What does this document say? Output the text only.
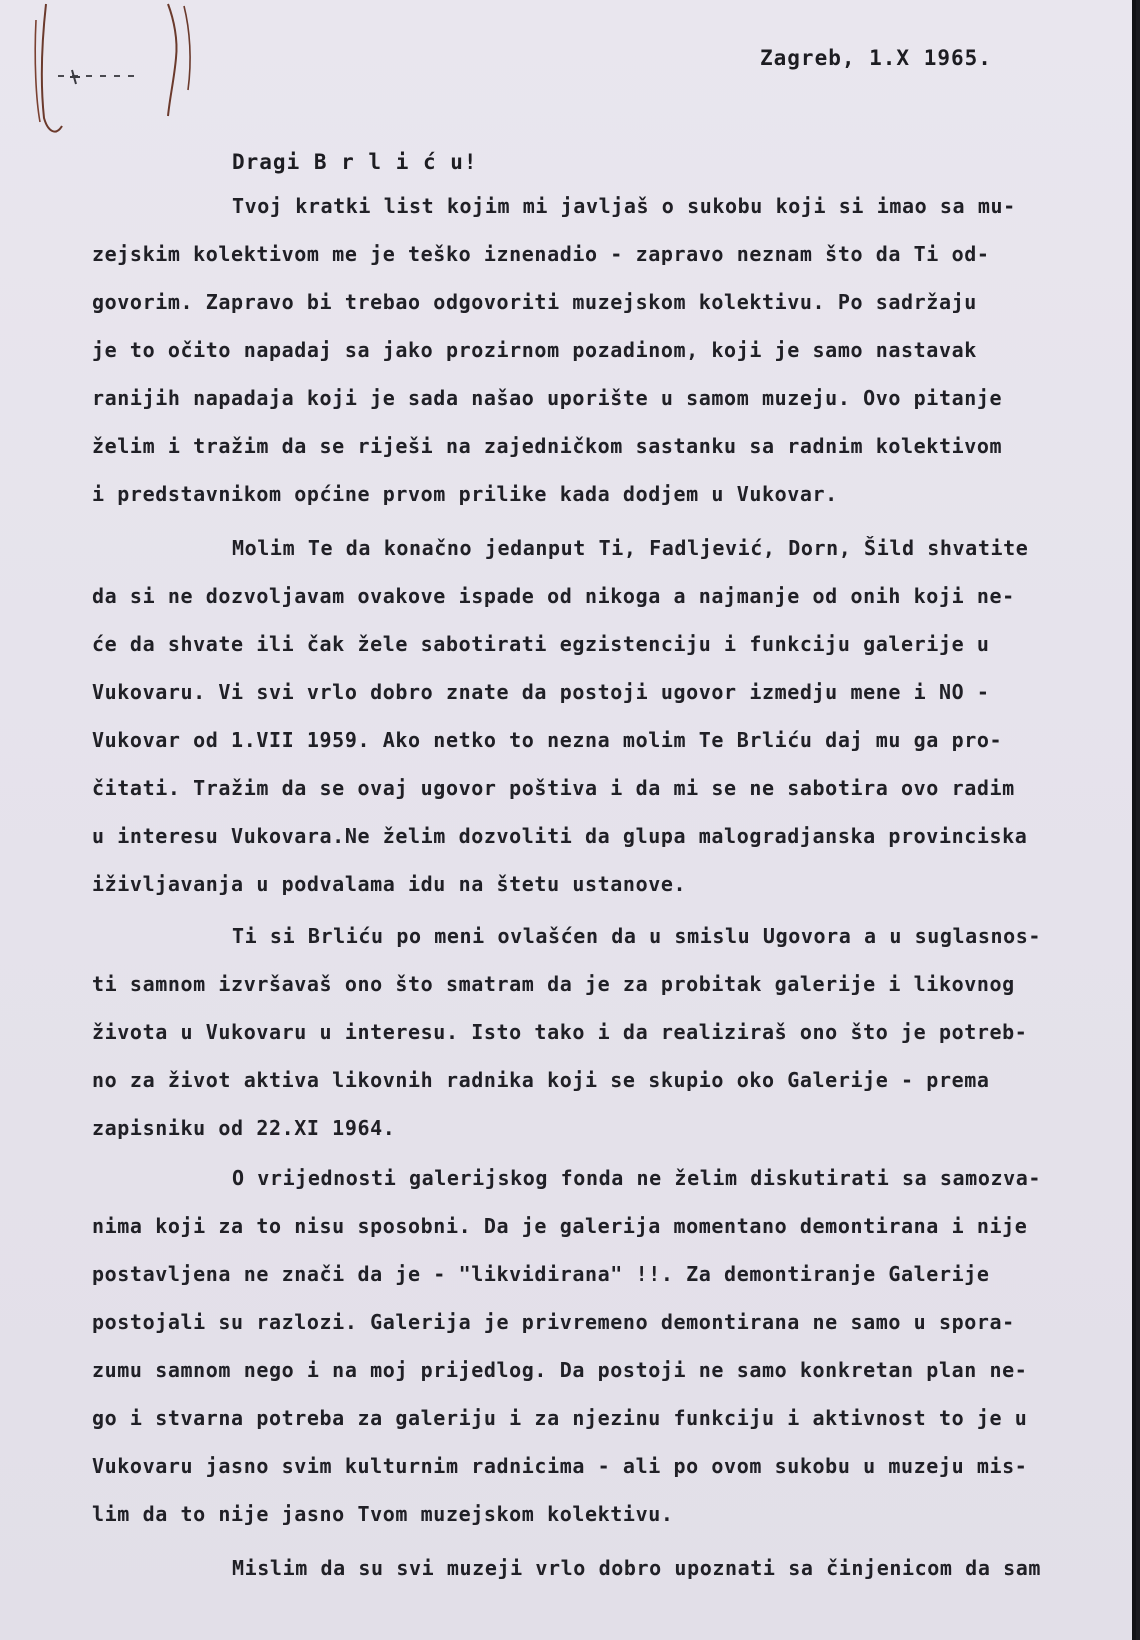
Zagreb, 1.X 1965.
Dragi B r l i ć u!
Tvoj kratki list kojim mi javljaš o sukobu koji si imao sa mu-
zejskim kolektivom me je teško iznenadio - zapravo neznam što da Ti od-
govorim. Zapravo bi trebao odgovoriti muzejskom kolektivu. Po sadržaju
je to očito napadaj sa jako prozirnom pozadinom, koji je samo nastavak
ranijih napadaja koji je sada našao uporište u samom muzeju. Ovo pitanje
želim i tražim da se riješi na zajedničkom sastanku sa radnim kolektivom
i predstavnikom općine prvom prilike kada dodjem u Vukovar.
Molim Te da konačno jedanput Ti, Fadljević, Dorn, Šild shvatite
da si ne dozvoljavam ovakove ispade od nikoga a najmanje od onih koji ne-
će da shvate ili čak žele sabotirati egzistenciju i funkciju galerije u
Vukovaru. Vi svi vrlo dobro znate da postoji ugovor izmedju mene i NO -
Vukovar od 1.VII 1959. Ako netko to nezna molim Te Brliću daj mu ga pro-
čitati. Tražim da se ovaj ugovor poštiva i da mi se ne sabotira ovo radim
u interesu Vukovara.Ne želim dozvoliti da glupa malogradjanska provinciska
iživljavanja u podvalama idu na štetu ustanove.
Ti si Brliću po meni ovlašćen da u smislu Ugovora a u suglasnos-
ti samnom izvršavaš ono što smatram da je za probitak galerije i likovnog
života u Vukovaru u interesu. Isto tako i da realiziraš ono što je potreb-
no za život aktiva likovnih radnika koji se skupio oko Galerije - prema
zapisniku od 22.XI 1964.
O vrijednosti galerijskog fonda ne želim diskutirati sa samozva-
nima koji za to nisu sposobni. Da je galerija momentano demontirana i nije
postavljena ne znači da je - "likvidirana" !!. Za demontiranje Galerije
postojali su razlozi. Galerija je privremeno demontirana ne samo u spora-
zumu samnom nego i na moj prijedlog. Da postoji ne samo konkretan plan ne-
go i stvarna potreba za galeriju i za njezinu funkciju i aktivnost to je u
Vukovaru jasno svim kulturnim radnicima - ali po ovom sukobu u muzeju mis-
lim da to nije jasno Tvom muzejskom kolektivu.
Mislim da su svi muzeji vrlo dobro upoznati sa činjenicom da sam
